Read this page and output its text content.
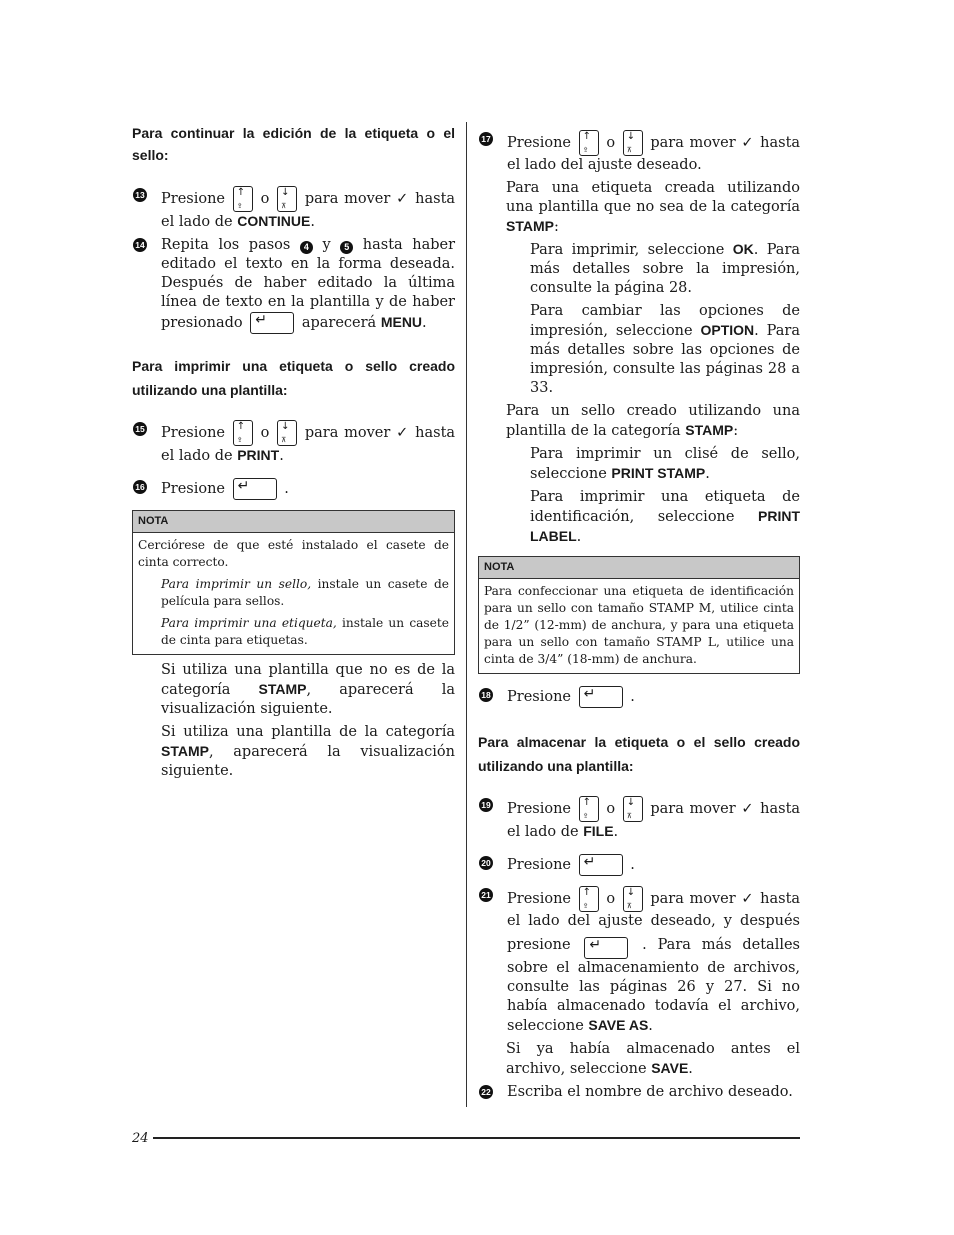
Para continuar la edición de la etiqueta o el sello:

13 Presione ↑
⇪ o ↓
⊼ para mover ✓ hasta el lado de CONTINUE.
14 Repita los pasos 4 y 5 hasta haber editado el texto en la forma deseada. Después de haber editado la última línea de texto en la plantilla y de haber presionado ↵ aparecerá MENU.

Para imprimir una etiqueta o sello creado utilizando una plantilla:

15 Presione ↑
⇪ o ↓
⊼ para mover ✓ hasta el lado de PRINT.
16 Presione ↵ .
NOTA

Cerciórese de que esté instalado el casete de cinta correcto.

Para imprimir un sello, instale un casete de película para sellos.

Para imprimir una etiqueta, instale un casete de cinta para etiquetas.

Si utiliza una plantilla que no es de la categoría STAMP, aparecerá la visualización siguiente.

Si utiliza una plantilla de la categoría STAMP, aparecerá la visualización siguiente.

17 Presione ↑
⇪ o ↓
⊼ para mover ✓ hasta el lado del ajuste deseado.

Para una etiqueta creada utilizando una plantilla que no sea de la categoría STAMP:

Para imprimir, seleccione OK. Para más detalles sobre la impresión, consulte la página 28.

Para cambiar las opciones de impresión, seleccione OPTION. Para más detalles sobre las opciones de impresión, consulte las páginas 28 a 33.

Para un sello creado utilizando una plantilla de la categoría STAMP:

Para imprimir un clisé de sello, seleccione PRINT STAMP.

Para imprimir una etiqueta de identificación, seleccione PRINT LABEL.

NOTA

Para confeccionar una etiqueta de identificación para un sello con tamaño STAMP M, utilice cinta de 1/2” (12-mm) de anchura, y para una etiqueta para un sello con tamaño STAMP L, utilice una cinta de 3/4” (18-mm) de anchura.

18 Presione ↵ .

Para almacenar la etiqueta o el sello creado utilizando una plantilla:

19 Presione ↑
⇪ o ↓
⊼ para mover ✓ hasta el lado de FILE.
20 Presione ↵ .
21 Presione ↑
⇪ o ↓
⊼ para mover ✓ hasta el lado del ajuste deseado, y después presione ↵	. Para más detalles sobre el almacenamiento de archivos, consulte las páginas 26 y 27. Si no había almacenado todavía el archivo, seleccione SAVE AS.

Si ya había almacenado antes el archivo, seleccione SAVE.

22 Escriba el nombre de archivo deseado.
24
